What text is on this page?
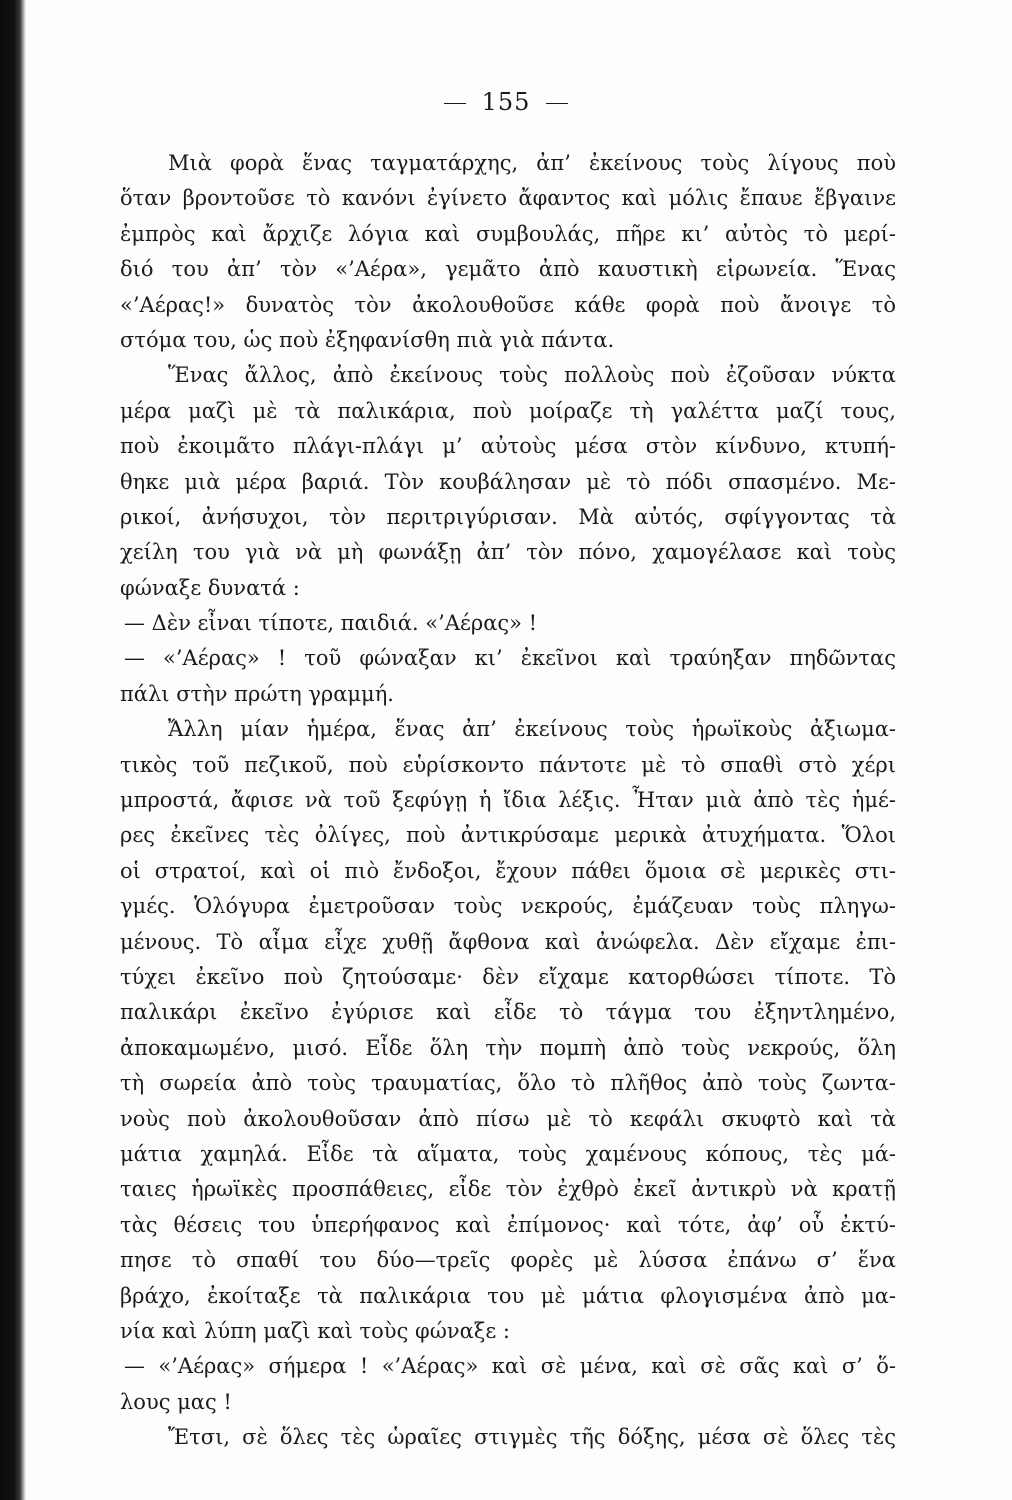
155
Μιὰ φορὰ ἕνας ταγματάρχης, ἀπ’ ἐκείνους τοὺς λίγους ποὺ
ὅταν βροντοῦσε τὸ κανόνι ἐγίνετο ἄφαντος καὶ μόλις ἔπαυε ἔβγαινε
ἐμπρὸς καὶ ἄρχιζε λόγια καὶ συμβουλάς, πῆρε κι’ αὐτὸς τὸ μερί-
διό του ἀπ’ τὸν «’Αέρα», γεμᾶτο ἀπὸ καυστικὴ εἰρωνεία. Ἕνας
«’Αέρας!» δυνατὸς τὸν ἀκολουθοῦσε κάθε φορὰ ποὺ ἄνοιγε τὸ
στόμα του, ὡς ποὺ ἐξηφανίσθη πιὰ γιὰ πάντα.
Ἕνας ἄλλος, ἀπὸ ἐκείνους τοὺς πολλοὺς ποὺ ἐζοῦσαν νύκτα
μέρα μαζὶ μὲ τὰ παλικάρια, ποὺ μοίραζε τὴ γαλέττα μαζί τους,
ποὺ ἐκοιμᾶτο πλάγι-πλάγι μ’ αὐτοὺς μέσα στὸν κίνδυνο, κτυπή-
θηκε μιὰ μέρα βαριά. Τὸν κουβάλησαν μὲ τὸ πόδι σπασμένο. Με-
ρικοί, ἀνήσυχοι, τὸν περιτριγύρισαν. Μὰ αὐτός, σφίγγοντας τὰ
χείλη του γιὰ νὰ μὴ φωνάξῃ ἀπ’ τὸν πόνο, χαμογέλασε καὶ τοὺς
φώναξε δυνατά :
— Δὲν εἶναι τίποτε, παιδιά. «’Αέρας» !
— «’Αέρας» ! τοῦ φώναξαν κι’ ἐκεῖνοι καὶ τραύηξαν πηδῶντας
πάλι στὴν πρώτη γραμμή.
Ἄλλη μίαν ἡμέρα, ἕνας ἀπ’ ἐκείνους τοὺς ἡρωϊκοὺς ἀξιωμα-
τικὸς τοῦ πεζικοῦ, ποὺ εὑρίσκοντο πάντοτε μὲ τὸ σπαθὶ στὸ χέρι
μπροστά, ἄφισε νὰ τοῦ ξεφύγῃ ἡ ἴδια λέξις. Ἦταν μιὰ ἀπὸ τὲς ἡμέ-
ρες ἐκεῖνες τὲς ὀλίγες, ποὺ ἀντικρύσαμε μερικὰ ἀτυχήματα. Ὅλοι
οἱ στρατοί, καὶ οἱ πιὸ ἔνδοξοι, ἔχουν πάθει ὅμοια σὲ μερικὲς στι-
γμές. Ὁλόγυρα ἐμετροῦσαν τοὺς νεκρούς, ἐμάζευαν τοὺς πληγω-
μένους. Τὸ αἷμα εἶχε χυθῇ ἄφθονα καὶ ἀνώφελα. Δὲν εἴχαμε ἐπι-
τύχει ἐκεῖνο ποὺ ζητούσαμε· δὲν εἴχαμε κατορθώσει τίποτε. Τὸ
παλικάρι ἐκεῖνο ἐγύρισε καὶ εἶδε τὸ τάγμα του ἐξηντλημένο,
ἀποκαμωμένο, μισό. Εἶδε ὅλη τὴν πομπὴ ἀπὸ τοὺς νεκρούς, ὅλη
τὴ σωρεία ἀπὸ τοὺς τραυματίας, ὅλο τὸ πλῆθος ἀπὸ τοὺς ζωντα-
νοὺς ποὺ ἀκολουθοῦσαν ἀπὸ πίσω μὲ τὸ κεφάλι σκυφτὸ καὶ τὰ
μάτια χαμηλά. Εἶδε τὰ αἵματα, τοὺς χαμένους κόπους, τὲς μά-
ταιες ἡρωϊκὲς προσπάθειες, εἶδε τὸν ἐχθρὸ ἐκεῖ ἀντικρὺ νὰ κρατῇ
τὰς θέσεις του ὑπερήφανος καὶ ἐπίμονος· καὶ τότε, ἀφ’ οὗ ἐκτύ-
πησε τὸ σπαθί του δύο—τρεῖς φορὲς μὲ λύσσα ἐπάνω σ’ ἕνα
βράχο, ἐκοίταξε τὰ παλικάρια του μὲ μάτια φλογισμένα ἀπὸ μα-
νία καὶ λύπη μαζὶ καὶ τοὺς φώναξε :
— «’Αέρας» σήμερα ! «’Αέρας» καὶ σὲ μένα, καὶ σὲ σᾶς καὶ σ’ ὅ-
λους μας !
Ἔτσι, σὲ ὅλες τὲς ὡραῖες στιγμὲς τῆς δόξης, μέσα σὲ ὅλες τὲς
